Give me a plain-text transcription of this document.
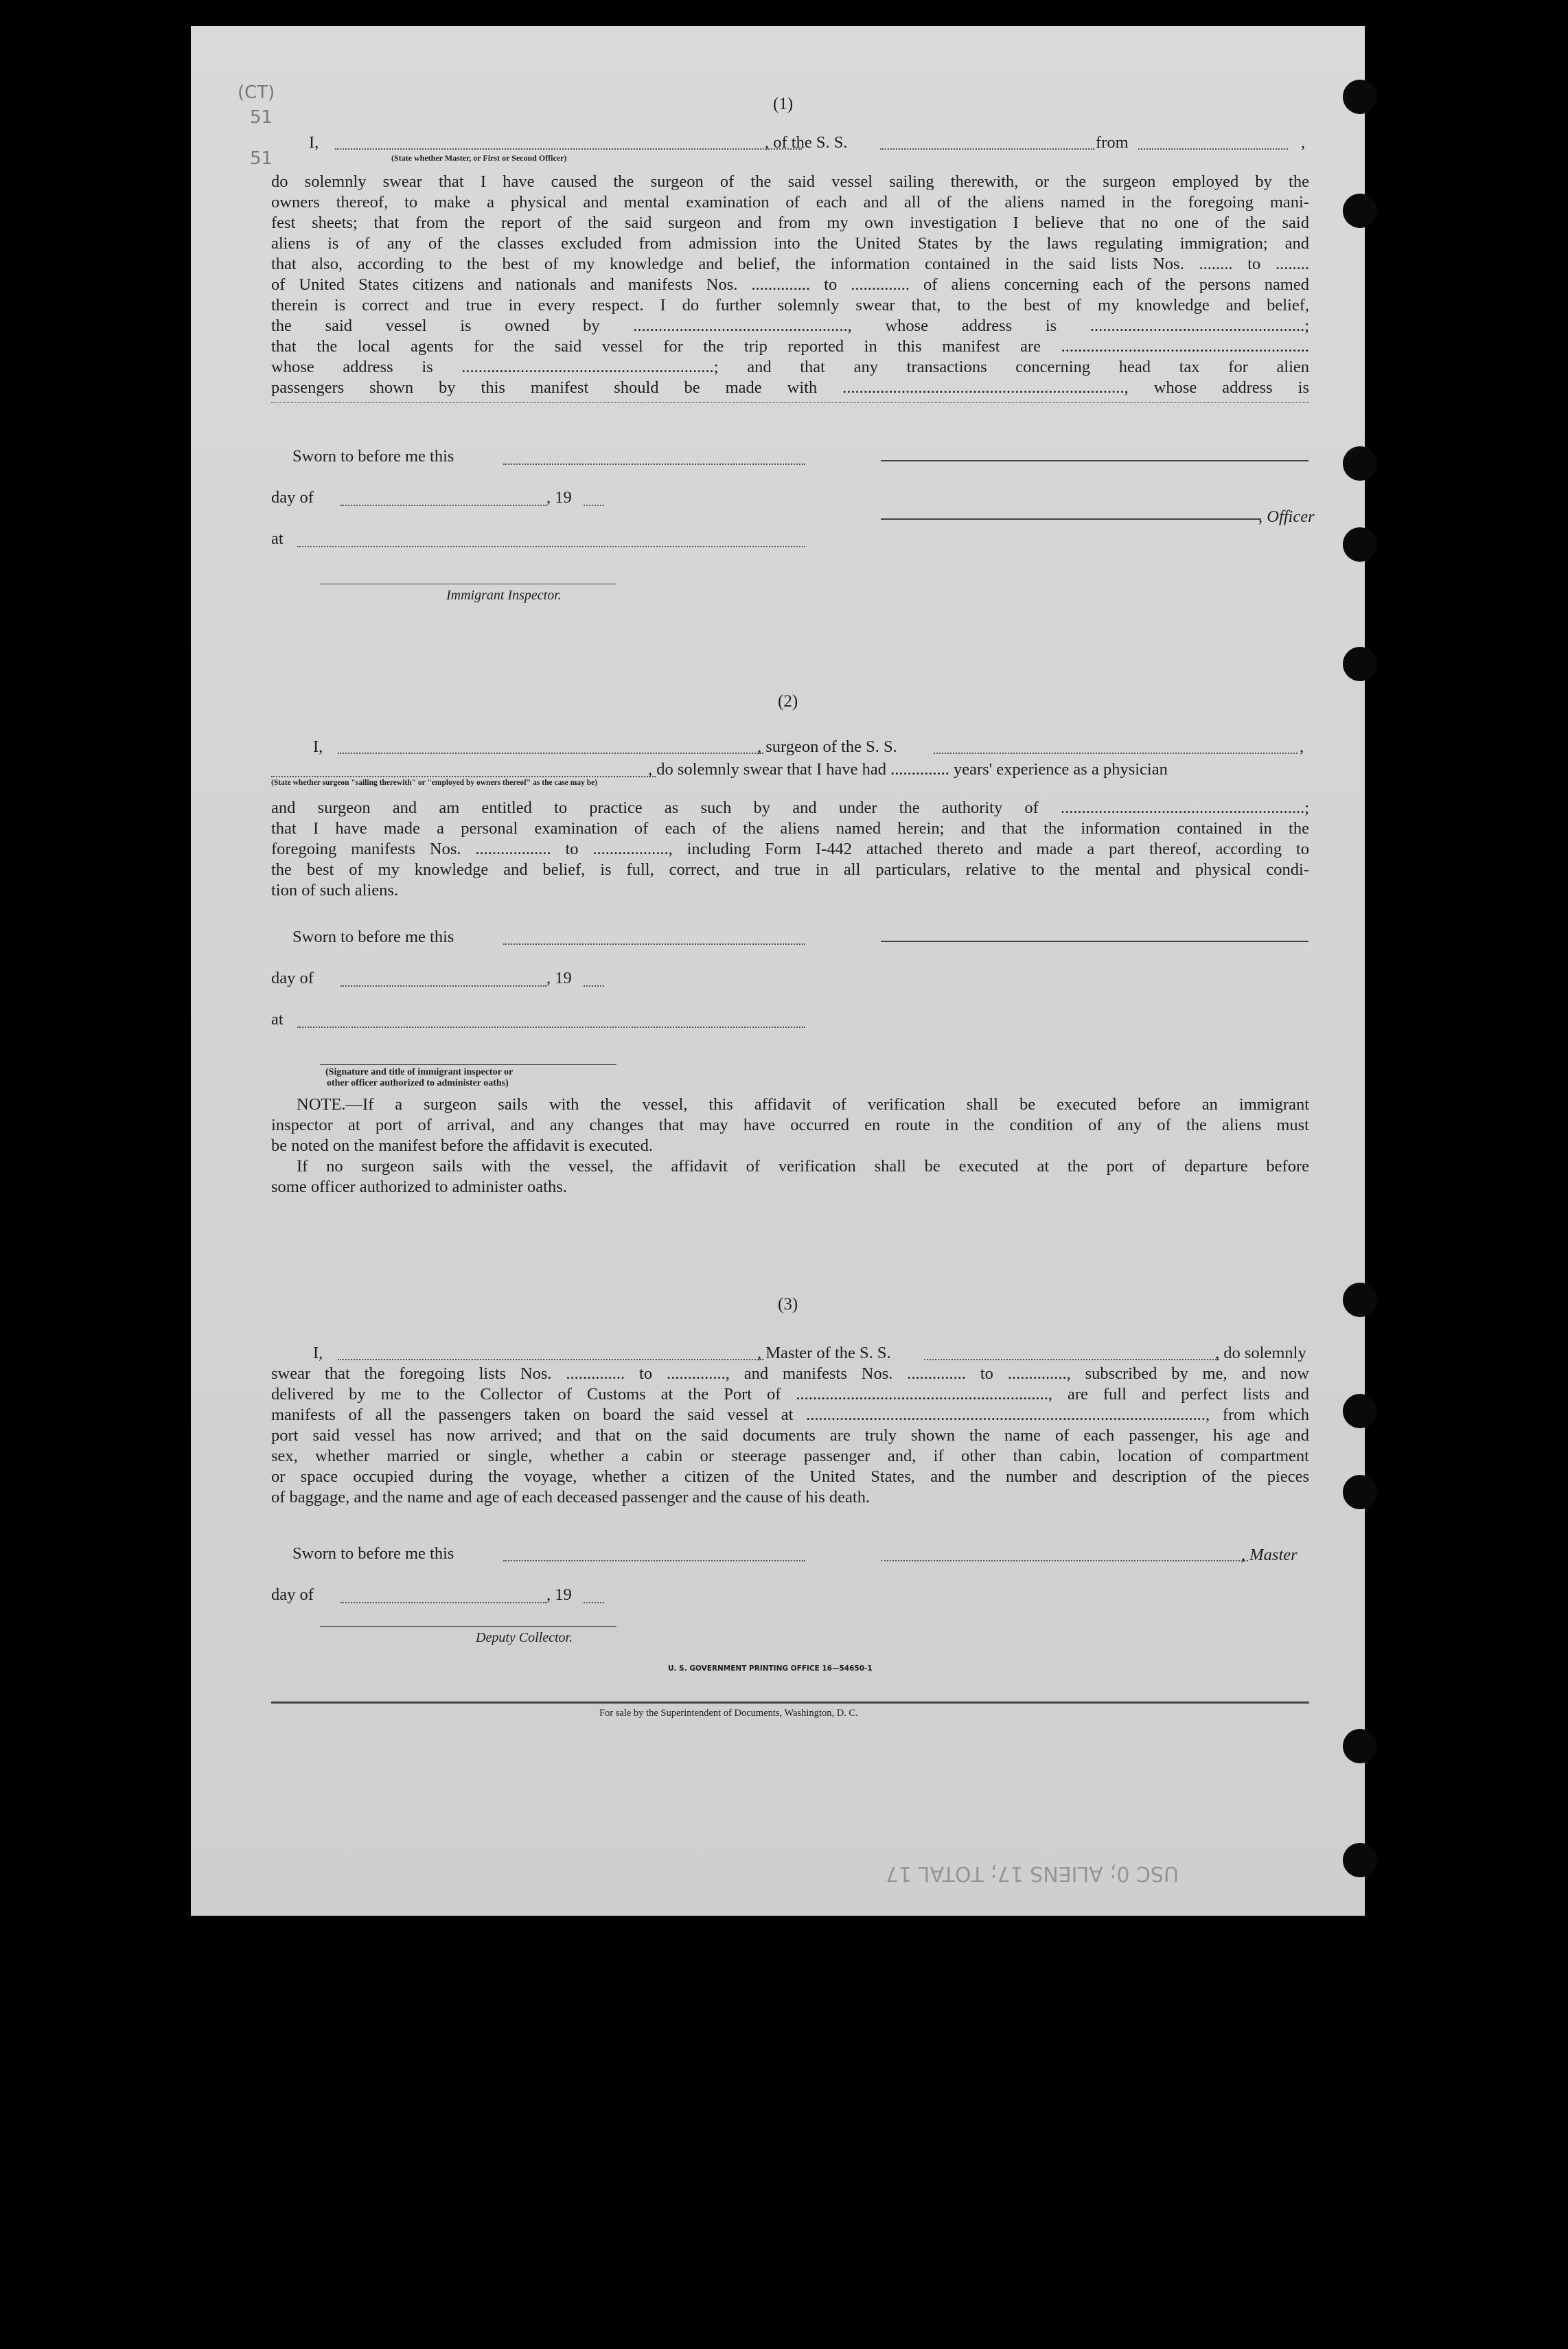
(CT)
51
51
(1)
I,	, of the S. S.	from	,
(State whether Master, or First or Second Officer)
do solemnly swear that I have caused the surgeon of the said vessel sailing therewith, or the surgeon employed by the
owners thereof, to make a physical and mental examination of each and all of the aliens named in the foregoing mani-
fest sheets; that from the report of the said surgeon and from my own investigation I believe that no one of the said
aliens is of any of the classes excluded from admission into the United States by the laws regulating immigration; and
that also, according to the best of my knowledge and belief, the information contained in the said lists Nos. ........ to ........
of United States citizens and nationals and manifests Nos. .............. to .............. of aliens concerning each of the persons named
therein is correct and true in every respect. I do further solemnly swear that, to the best of my knowledge and belief,
the said vessel is owned by ..................................................., whose address is ...................................................;
that the local agents for the said vessel for the trip reported in this manifest are ...........................................................
whose address is ............................................................; and that any transactions concerning head tax for alien
passengers shown by this manifest should be made with ..................................................................., whose address is
Sworn to before me this
day of	, 19
, Officer
at
Immigrant Inspector.
(2)
I,	, surgeon of the S. S.	,
, do solemnly swear that I have had .............. years' experience as a physician
(State whether surgeon "sailing therewith" or "employed by owners thereof" as the case may be)
and surgeon and am entitled to practice as such by and under the authority of ..........................................................;
that I have made a personal examination of each of the aliens named herein; and that the information contained in the
foregoing manifests Nos. .................. to .................., including Form I-442 attached thereto and made a part thereof, according to
the best of my knowledge and belief, is full, correct, and true in all particulars, relative to the mental and physical condi-
tion of such aliens.
Sworn to before me this
day of	, 19
at
(Signature and title of immigrant inspector or
other officer authorized to administer oaths)
NOTE.—If a surgeon sails with the vessel, this affidavit of verification shall be executed before an immigrant
inspector at port of arrival, and any changes that may have occurred en route in the condition of any of the aliens must
be noted on the manifest before the affidavit is executed.
If no surgeon sails with the vessel, the affidavit of verification shall be executed at the port of departure before
some officer authorized to administer oaths.
(3)
I,	, Master of the S. S.	, do solemnly
swear that the foregoing lists Nos. .............. to .............., and manifests Nos. .............. to .............., subscribed by me, and now
delivered by me to the Collector of Customs at the Port of ............................................................, are full and perfect lists and
manifests of all the passengers taken on board the said vessel at ..............................................................................................., from which
port said vessel has now arrived; and that on the said documents are truly shown the name of each passenger, his age and
sex, whether married or single, whether a cabin or steerage passenger and, if other than cabin, location of compartment
or space occupied during the voyage, whether a citizen of the United States, and the number and description of the pieces
of baggage, and the name and age of each deceased passenger and the cause of his death.
Sworn to before me this	, Master
day of	, 19
Deputy Collector.
U. S. GOVERNMENT PRINTING OFFICE 16—54650-1
For sale by the Superintendent of Documents, Washington, D. C.
USC 0; ALIENS 17; TOTAL 17
